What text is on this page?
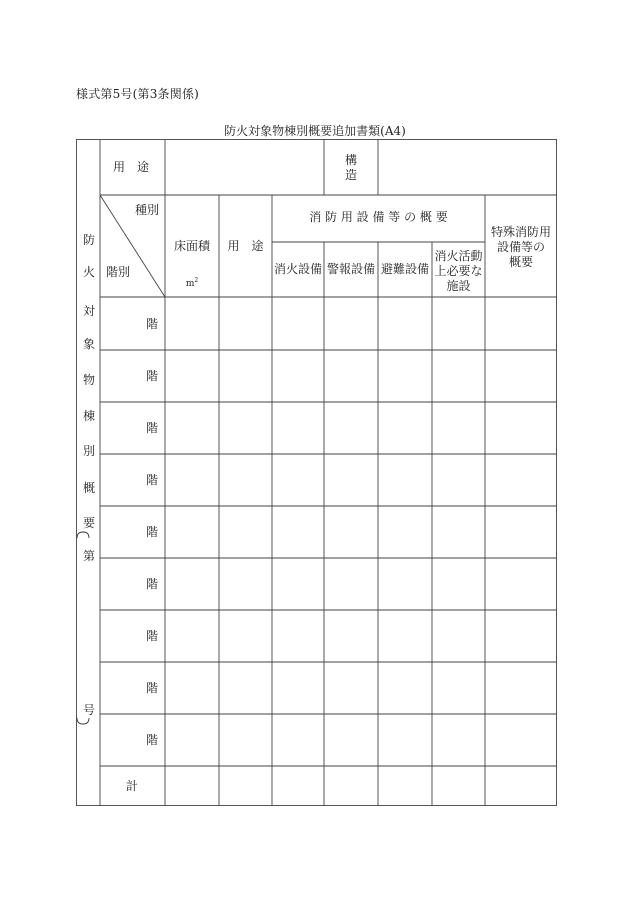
様式第5号(第3条関係)
防火対象物棟別概要追加書類(A4)
防
火
対
象
物
棟
別
概
要
第
号
用　途	構
造
種別
階別
床面積
$m^2$
用　途
消 防 用 設 備 等 の 概 要
消火設備 警報設備 避難設備
消火活動
上必要な
施設
特殊消防用
設備等の
概要
階
階
階
階
階
階
階
階
階
計
